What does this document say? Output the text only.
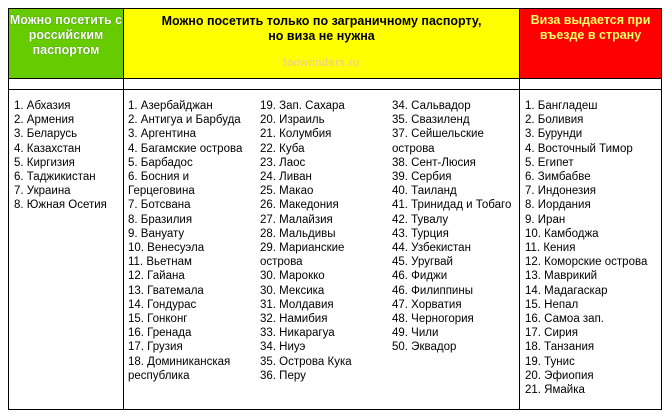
Можно посетить с российским паспортом
Можно посетить только по заграничному паспорту,
но виза не нужна
toowonders.ru
Виза выдается при въезде в страну
1. Абхазия
2. Армения
3. Беларусь
4. Казахстан
5. Киргизия
6. Таджикистан
7. Украина
8. Южная Осетия
1. Азербайджан
2. Антигуа и Барбуда
3. Аргентина
4. Багамские острова
5. Барбадос
6. Босния и Герцеговина
7. Ботсвана
8. Бразилия
9. Вануату
10. Венесуэла
11. Вьетнам
12. Гайана
13. Гватемала
14. Гондурас
15. Гонконг
16. Гренада
17. Грузия
18. Доминиканская республика
19. Зап. Сахара
20. Израиль
21. Колумбия
22. Куба
23. Лаос
24. Ливан
25. Макао
26. Македония
27. Малайзия
28. Мальдивы
29. Марианские острова
30. Марокко
30. Мексика
31. Молдавия
32. Намибия
33. Никарагуа
34. Ниуэ
35. Острова Кука
36. Перу
34. Сальвадор
35. Свазиленд
37. Сейшельские острова
38. Сент-Люсия
39. Сербия
40. Таиланд
41. Тринидад и Тобаго
42. Тувалу
43. Турция
44. Узбекистан
45. Уругвай
46. Фиджи
46. Филиппины
47. Хорватия
48. Черногория
49. Чили
50. Эквадор
1. Бангладеш
2. Боливия
3. Бурунди
4. Восточный Тимор
5. Египет
6. Зимбабве
7. Индонезия
8. Иордания
9. Иран
10. Камбоджа
11. Кения
12. Коморские острова
13. Маврикий
14. Мадагаскар
15. Непал
16. Самоа зап.
17. Сирия
18. Танзания
19. Тунис
20. Эфиопия
21. Ямайка
